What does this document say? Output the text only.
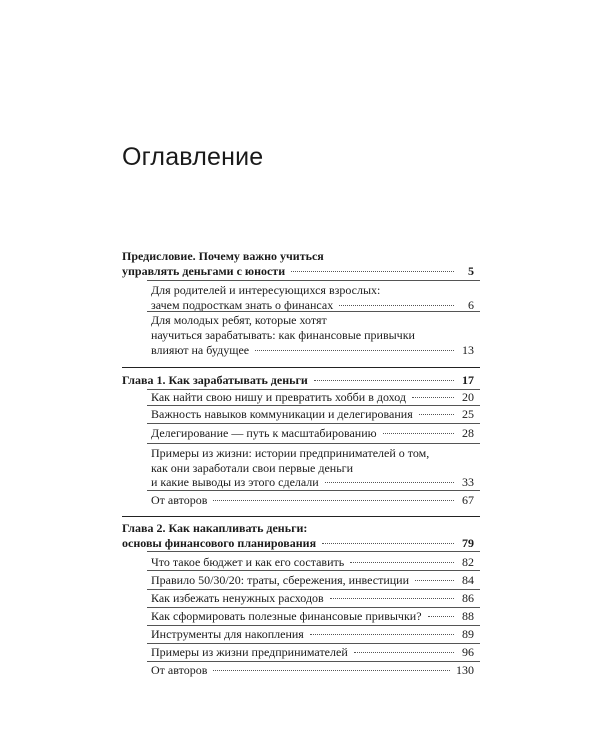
Оглавление
Предисловие. Почему важно учиться
управлять деньгами с юности	5
Для родителей и интересующихся взрослых:
зачем подросткам знать о финансах	6
Для молодых ребят, которые хотят
научиться зарабатывать: как финансовые привычки
влияют на будущее	13
Глава 1. Как зарабатывать деньги	17
Как найти свою нишу и превратить хобби в доход	20
Важность навыков коммуникации и делегирования	25
Делегирование — путь к масштабированию	28
Примеры из жизни: истории предпринимателей о том,
как они заработали свои первые деньги
и какие выводы из этого сделали	33
От авторов	67
Глава 2. Как накапливать деньги:
основы финансового планирования	79
Что такое бюджет и как его составить	82
Правило 50/30/20: траты, сбережения, инвестиции	84
Как избежать ненужных расходов	86
Как сформировать полезные финансовые привычки?	88
Инструменты для накопления	89
Примеры из жизни предпринимателей	96
От авторов	130
